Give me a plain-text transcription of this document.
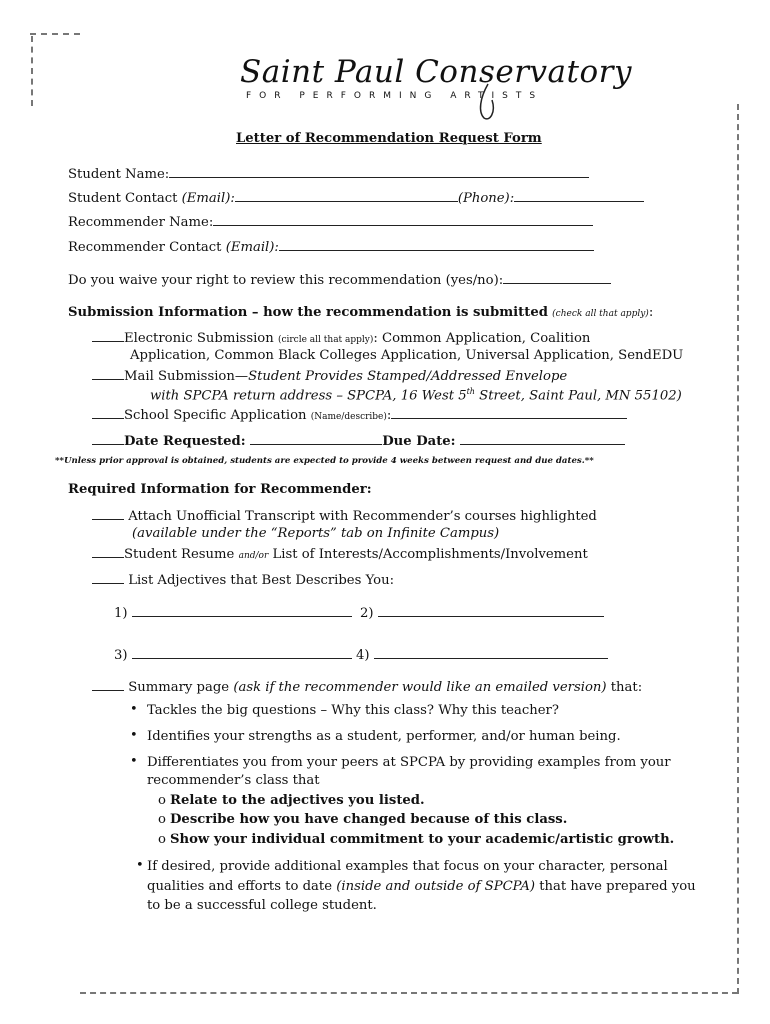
Saint Paul Conservatory
FOR PERFORMING ARTISTS
Letter of Recommendation Request Form
Student Name:
Student Contact (Email):	(Phone):
Recommender Name:
Recommender Contact (Email):
Do you waive your right to review this recommendation (yes/no):
Submission Information – how the recommendation is submitted (check all that apply):
Electronic Submission (circle all that apply): Common Application, Coalition
Application, Common Black Colleges Application, Universal Application, SendEDU
Mail Submission—Student Provides Stamped/Addressed Envelope
with SPCPA return address – SPCPA, 16 West 5th Street, Saint Paul, MN 55102)
School Specific Application (Name/describe):
Date Requested:	Due Date:
**Unless prior approval is obtained, students are expected to provide 4 weeks between request and due dates.**
Required Information for Recommender:
Attach Unofficial Transcript with Recommender’s courses highlighted
(available under the “Reports” tab on Infinite Campus)
Student Resume and/or List of Interests/Accomplishments/Involvement
List Adjectives that Best Describes You:
1)	2)
3)	4)
Summary page (ask if the recommender would like an emailed version) that:
• Tackles the big questions – Why this class? Why this teacher?
• Identifies your strengths as a student, performer, and/or human being.
• Differentiates you from your peers at SPCPA by providing examples from your
recommender’s class that
o Relate to the adjectives you listed.
o Describe how you have changed because of this class.
o Show your individual commitment to your academic/artistic growth.
• If desired, provide additional examples that focus on your character, personal
qualities and efforts to date (inside and outside of SPCPA) that have prepared you
to be a successful college student.
